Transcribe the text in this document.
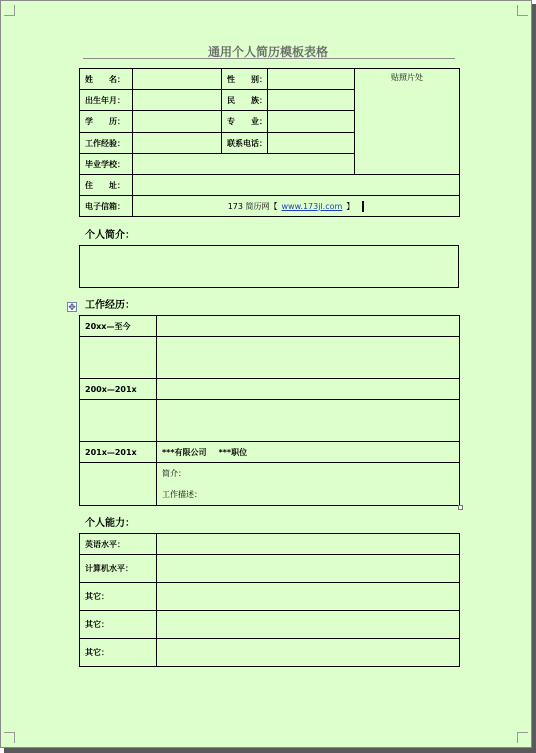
通用个人简历模板表格
姓　　名：		性　　别：		贴照片处
出生年月：		民　　族：		
学　　历：		专　　业：		
工作经验：		联系电话：		
毕业学校：				
住　　址：				
电子信箱：	173 简历网【 www.173jl.com 】			
个人简介：
✥ 工作经历：
20xx—至今	

200x—201x	

201x—201x	***有限公司 ***职位

	简介：
工作描述：
个人能力：
英语水平：	
计算机水平：	
其它：	
其它：	
其它：	
